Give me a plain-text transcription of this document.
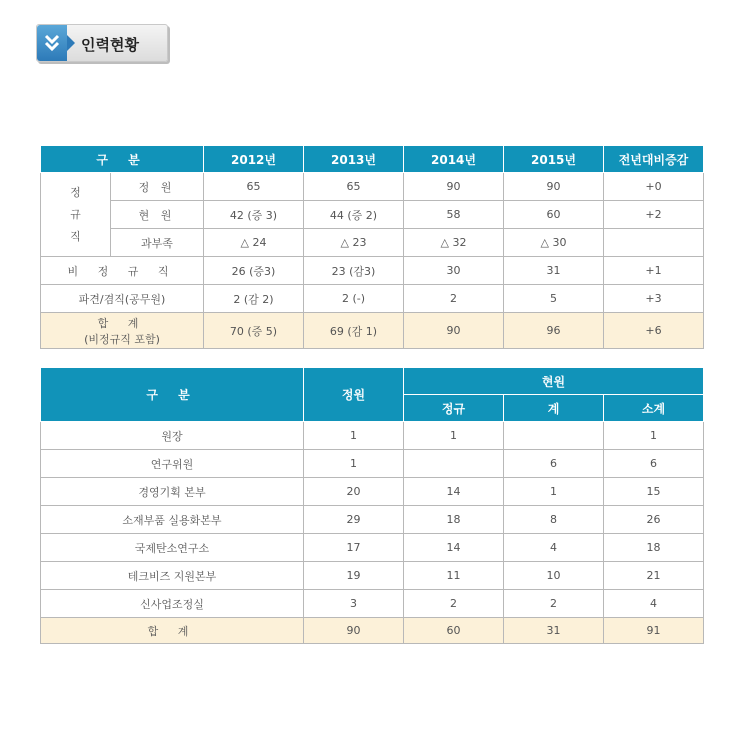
인력현황
구 분		2012년	2013년	2014년	2015년	전년대비증감

정
규
직	정 원	65	65	90	90	+0
	현 원	42 (증 3)	44 (증 2)	58	60	+2
	과부족	△ 24	△ 23	△ 32	△ 30	
비 정 규 직		26 (증3)	23 (감3)	30	31	+1
파견/겸직(공무원)		2 (감 2)	2 (-)	2	5	+3

합 계
(비정규직 포함)		70 (증 5)	69 (감 1)	90	96	+6
구 분	정원	현원		
		정규	계	소계
원장	1	1		1
연구위원	1		6	6
경영기획 본부	20	14	1	15
소재부품 실용화본부	29	18	8	26
국제탄소연구소	17	14	4	18
테크비즈 지원본부	19	11	10	21
신사업조정실	3	2	2	4
합 계	90	60	31	91
